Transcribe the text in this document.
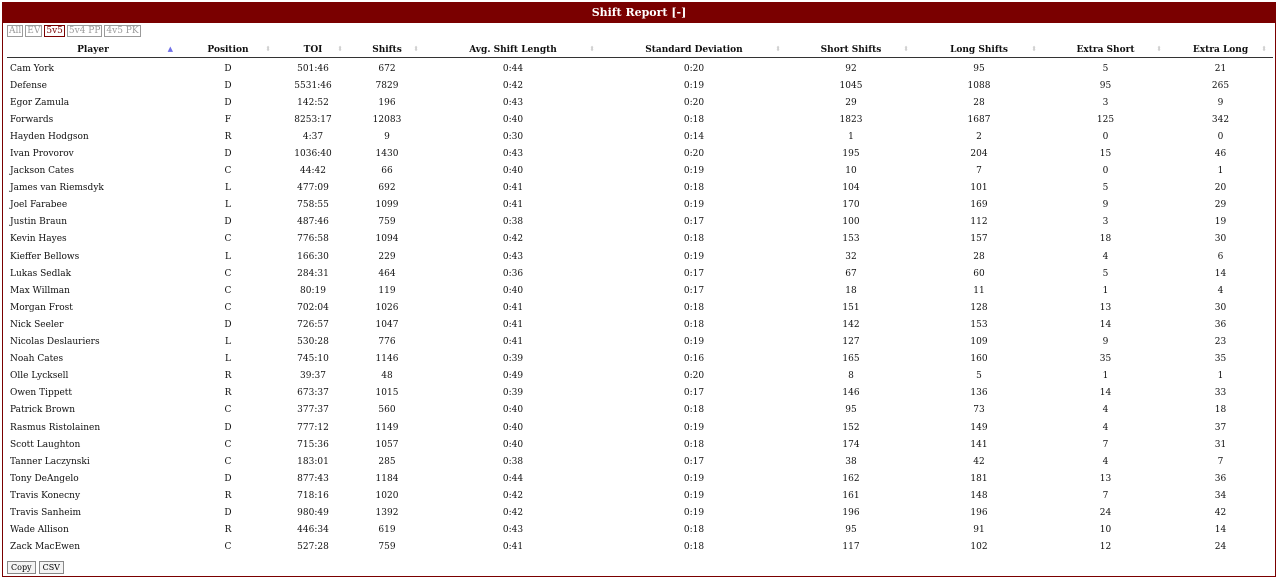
Shift Report [-]
All EV 5v5 5v4 PP 4v5 PK
Player ▲	Position ⬍	TOI ⬍	Shifts ⬍	Avg. Shift Length ⬍	Standard Deviation ⬍	Short Shifts ⬍	Long Shifts ⬍	Extra Short ⬍	Extra Long ⬍

Cam York	D	501:46	672	0:44	0:20	92	95	5	21
Defense	D	5531:46	7829	0:42	0:19	1045	1088	95	265
Egor Zamula	D	142:52	196	0:43	0:20	29	28	3	9
Forwards	F	8253:17	12083	0:40	0:18	1823	1687	125	342
Hayden Hodgson	R	4:37	9	0:30	0:14	1	2	0	0
Ivan Provorov	D	1036:40	1430	0:43	0:20	195	204	15	46
Jackson Cates	C	44:42	66	0:40	0:19	10	7	0	1
James van Riemsdyk	L	477:09	692	0:41	0:18	104	101	5	20
Joel Farabee	L	758:55	1099	0:41	0:19	170	169	9	29
Justin Braun	D	487:46	759	0:38	0:17	100	112	3	19
Kevin Hayes	C	776:58	1094	0:42	0:18	153	157	18	30
Kieffer Bellows	L	166:30	229	0:43	0:19	32	28	4	6
Lukas Sedlak	C	284:31	464	0:36	0:17	67	60	5	14
Max Willman	C	80:19	119	0:40	0:17	18	11	1	4
Morgan Frost	C	702:04	1026	0:41	0:18	151	128	13	30
Nick Seeler	D	726:57	1047	0:41	0:18	142	153	14	36
Nicolas Deslauriers	L	530:28	776	0:41	0:19	127	109	9	23
Noah Cates	L	745:10	1146	0:39	0:16	165	160	35	35
Olle Lycksell	R	39:37	48	0:49	0:20	8	5	1	1
Owen Tippett	R	673:37	1015	0:39	0:17	146	136	14	33
Patrick Brown	C	377:37	560	0:40	0:18	95	73	4	18
Rasmus Ristolainen	D	777:12	1149	0:40	0:19	152	149	4	37
Scott Laughton	C	715:36	1057	0:40	0:18	174	141	7	31
Tanner Laczynski	C	183:01	285	0:38	0:17	38	42	4	7
Tony DeAngelo	D	877:43	1184	0:44	0:19	162	181	13	36
Travis Konecny	R	718:16	1020	0:42	0:19	161	148	7	34
Travis Sanheim	D	980:49	1392	0:42	0:19	196	196	24	42
Wade Allison	R	446:34	619	0:43	0:18	95	91	10	14
Zack MacEwen	C	527:28	759	0:41	0:18	117	102	12	24
Copy	CSV
